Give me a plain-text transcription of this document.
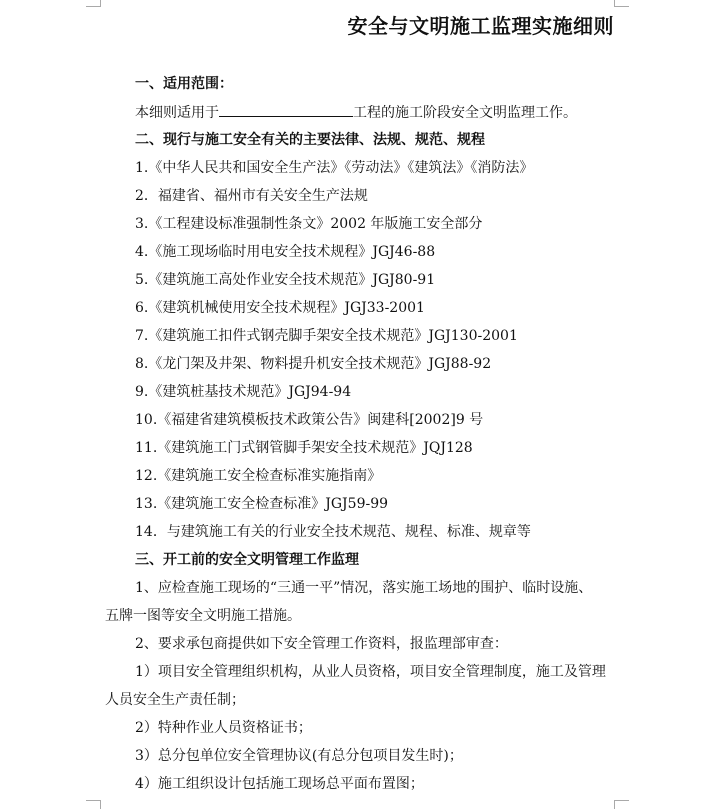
安全与文明施工监理实施细则
一、适用范围：
本细则适用于	工程的施工阶段安全文明监理工作。
二、现行与施工安全有关的主要法律、法规、规范、规程
1.《中华人民共和国安全生产法》《劳动法》《建筑法》《消防法》
2．福建省、福州市有关安全生产法规
3.《工程建设标准强制性条文》2002 年版施工安全部分
4.《施工现场临时用电安全技术规程》JGJ46-88
5.《建筑施工高处作业安全技术规范》JGJ80-91
6.《建筑机械使用安全技术规程》JGJ33-2001
7.《建筑施工扣件式钢壳脚手架安全技术规范》JGJ130-2001
8.《龙门架及井架、物料提升机安全技术规范》JGJ88-92
9.《建筑桩基技术规范》JGJ94-94
10.《福建省建筑模板技术政策公告》闽建科[2002]9 号
11.《建筑施工门式钢管脚手架安全技术规范》JQJ128
12.《建筑施工安全检查标准实施指南》
13.《建筑施工安全检查标准》JGJ59-99
14．与建筑施工有关的行业安全技术规范、规程、标准、规章等
三、开工前的安全文明管理工作监理
1、应检查施工现场的“三通一平”情况，落实施工场地的围护、临时设施、
五牌一图等安全文明施工措施。
2、要求承包商提供如下安全管理工作资料，报监理部审查：
1）项目安全管理组织机构，从业人员资格，项目安全管理制度，施工及管理
人员安全生产责任制；
2）特种作业人员资格证书；
3）总分包单位安全管理协议(有总分包项目发生时)；
4）施工组织设计包括施工现场总平面布置图；
